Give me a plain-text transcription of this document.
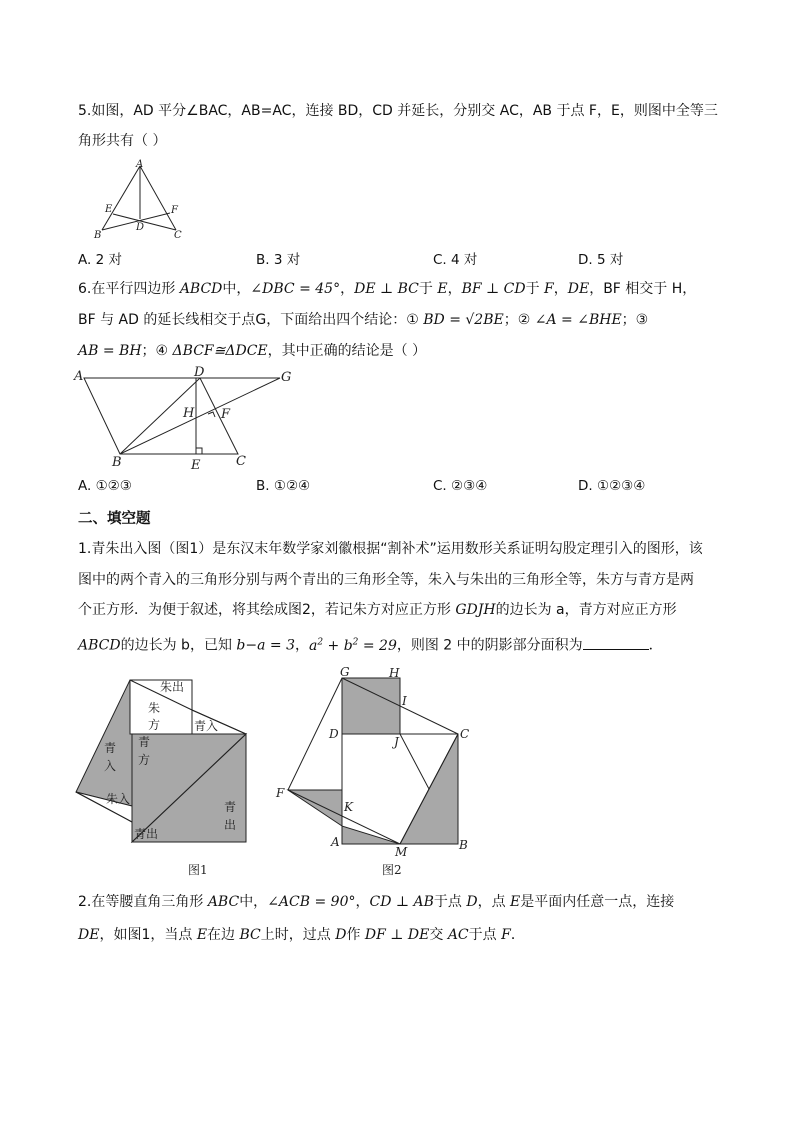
5.如图，AD 平分∠BAC，AB=AC，连接 BD，CD 并延长，分别交 AC，AB 于点 F，E，则图中全等三
角形共有（ ）
A
B	C
D
E	F
A. 2 对	B. 3 对	C. 4 对	D. 5 对
6.在平行四边形 ABCD中，∠DBC = 45°，DE ⊥ BC于 E，BF ⊥ CD于 F，DE，BF 相交于 H，
BF 与 AD 的延长线相交于点G，下面给出四个结论：① BD = √2BE；② ∠A = ∠BHE；③
AB = BH；④ ΔBCF≅ΔDCE，其中正确的结论是（ ）
A	D	G
H F
B	E	C
A. ①②③	B. ①②④	C. ②③④	D. ①②③④
二、填空题
1.青朱出入图（图1）是东汉末年数学家刘徽根据“割补术”运用数形关系证明勾股定理引入的图形，该
图中的两个青入的三角形分别与两个青出的三角形全等，朱入与朱出的三角形全等，朱方与青方是两
个正方形．为便于叙述，将其绘成图2，若记朱方对应正方形 GDJH的边长为 a，青方对应正方形
ABCD的边长为 b，已知 b−a = 3，$a^2 + b^2 = 29$，则图 2 中的阴影部分面积为	．
朱出
朱
方	青入
青
方
青
入
朱入
青
出
青出
图1
G	H
I
D
J
C
F
K
A
M	B
图2
2.在等腰直角三角形 ABC中，∠ACB = 90°，CD ⊥ AB于点 D，点 E是平面内任意一点，连接
DE，如图1，当点 E在边 BC上时，过点 D作 DF ⊥ DE交 AC于点 F．
